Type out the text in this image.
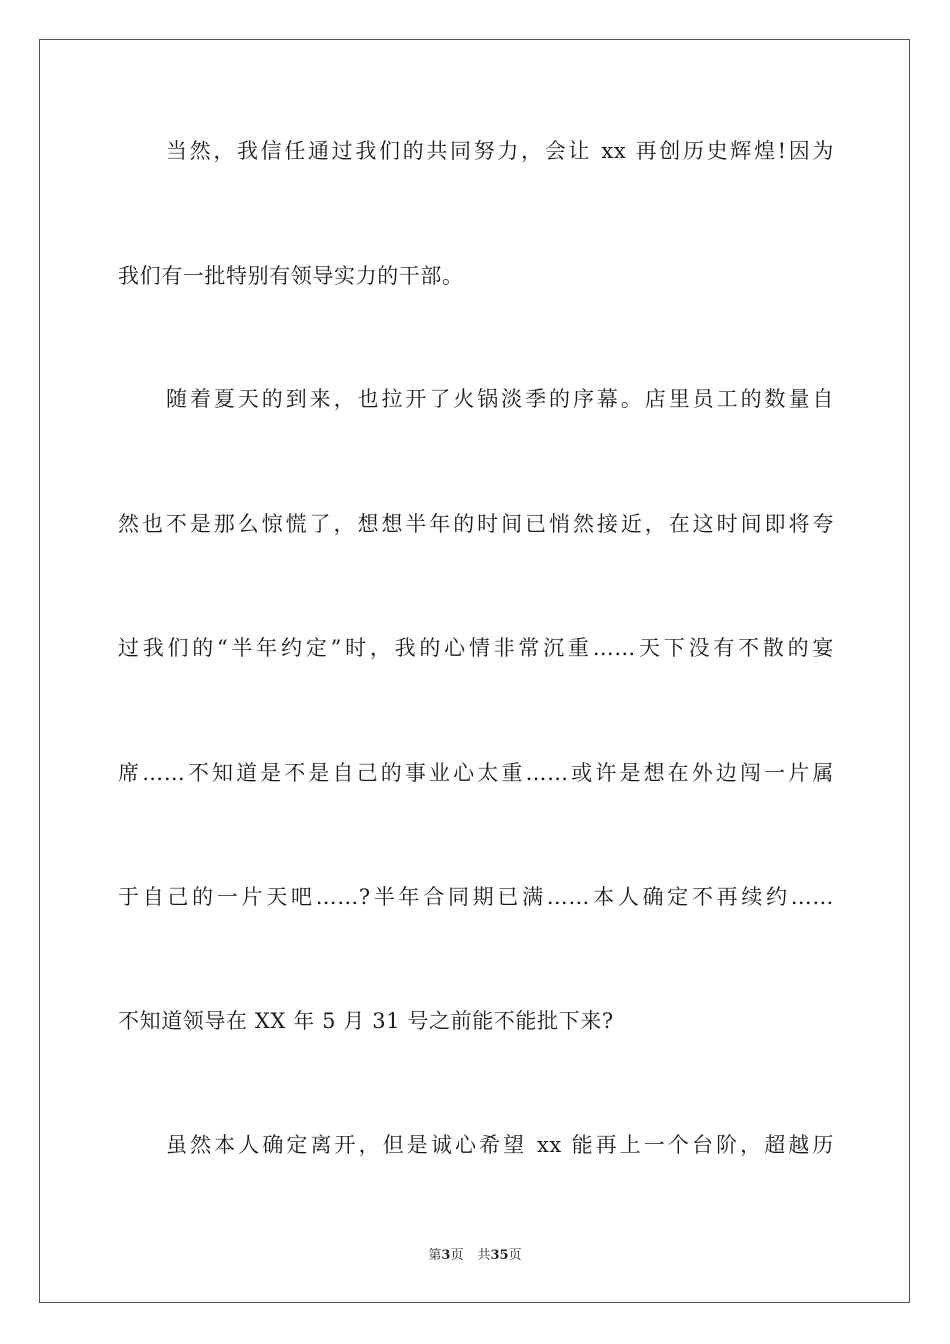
当然，我信任通过我们的共同努力，会让 xx 再创历史辉煌!因为
我们有一批特别有领导实力的干部。
随着夏天的到来，也拉开了火锅淡季的序幕。店里员工的数量自
然也不是那么惊慌了，想想半年的时间已悄然接近，在这时间即将夸
过我们的“半年约定”时，我的心情非常沉重……天下没有不散的宴
席……不知道是不是自己的事业心太重……或许是想在外边闯一片属
于自己的一片天吧……?半年合同期已满……本人确定不再续约……
不知道领导在 XX 年 5 月 31 号之前能不能批下来?
虽然本人确定离开，但是诚心希望 xx 能再上一个台阶，超越历
第3页 共35页
